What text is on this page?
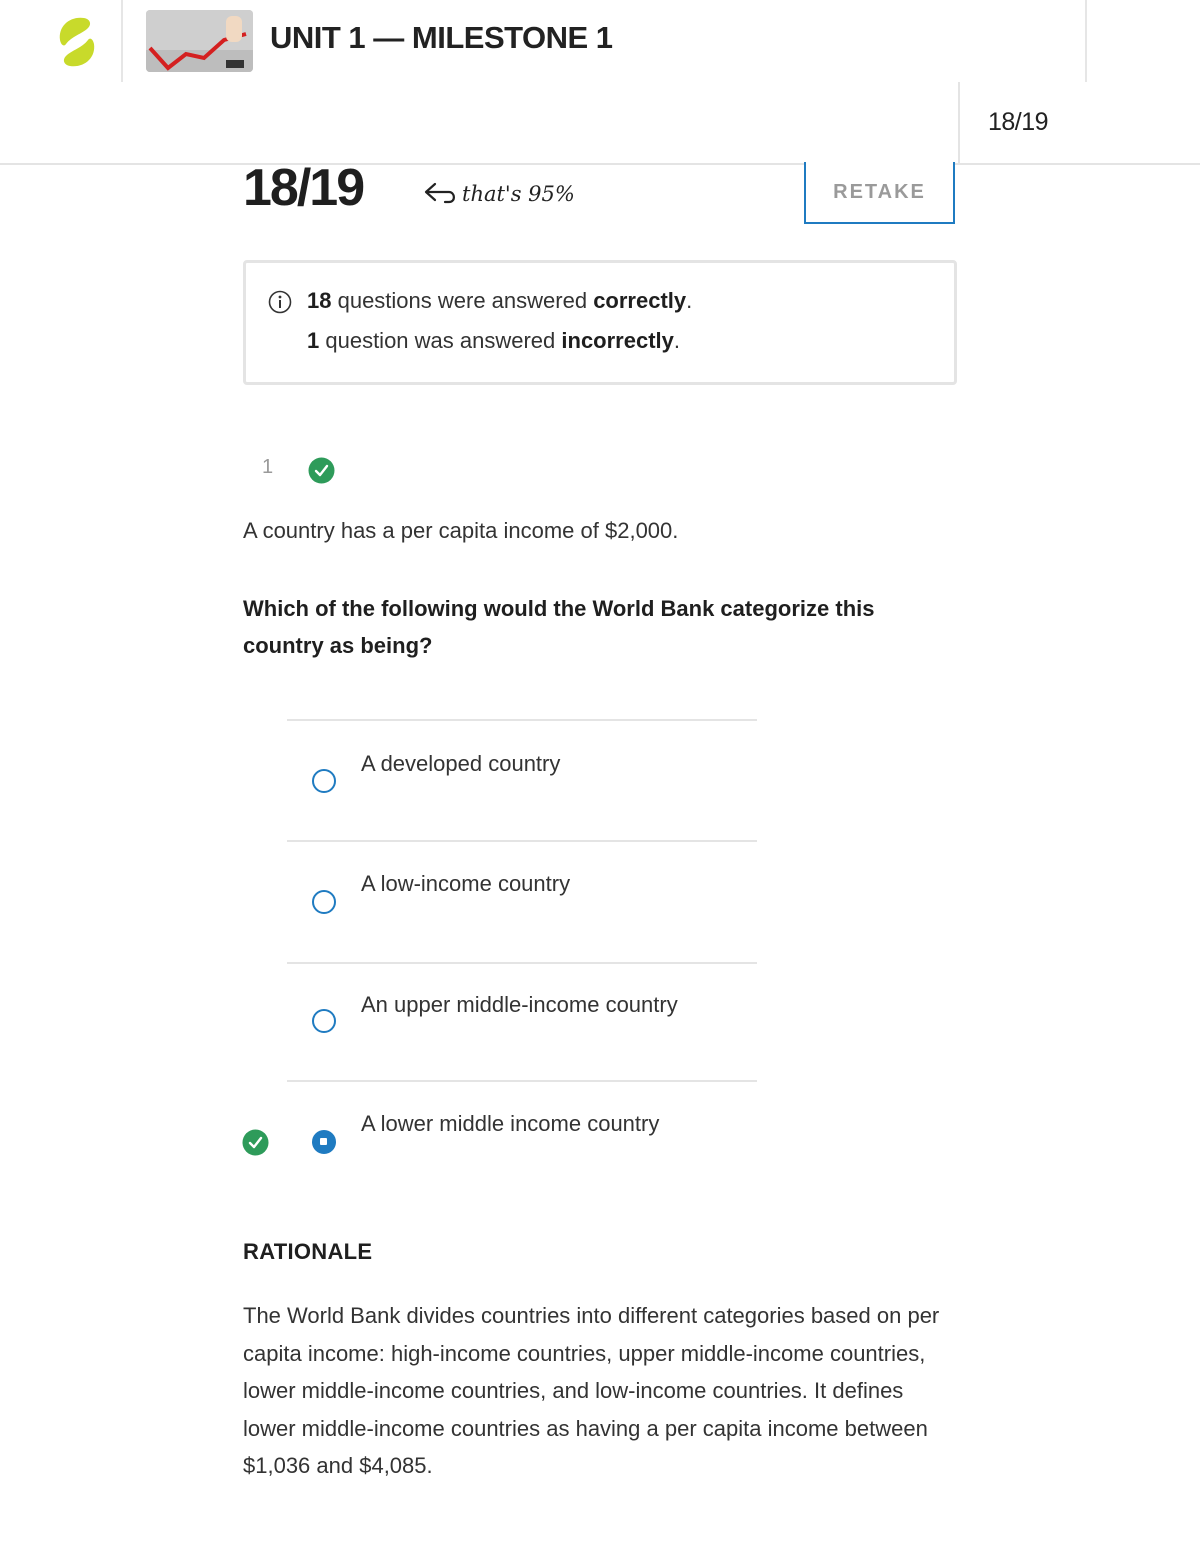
UNIT 1 — MILESTONE 1
18/19
18/19	that's 95%	RETAKE
18 questions were answered correctly.
1 question was answered incorrectly.
1
A country has a per capita income of $2,000.
Which of the following would the World Bank categorize this country as being?
A developed country
A low-income country
An upper middle-income country
A lower middle income country
RATIONALE
The World Bank divides countries into different categories based on per capita income: high-income countries, upper middle-income countries, lower middle-income countries, and low-income countries. It defines lower middle-income countries as having a per capita income between $1,036 and $4,085.
